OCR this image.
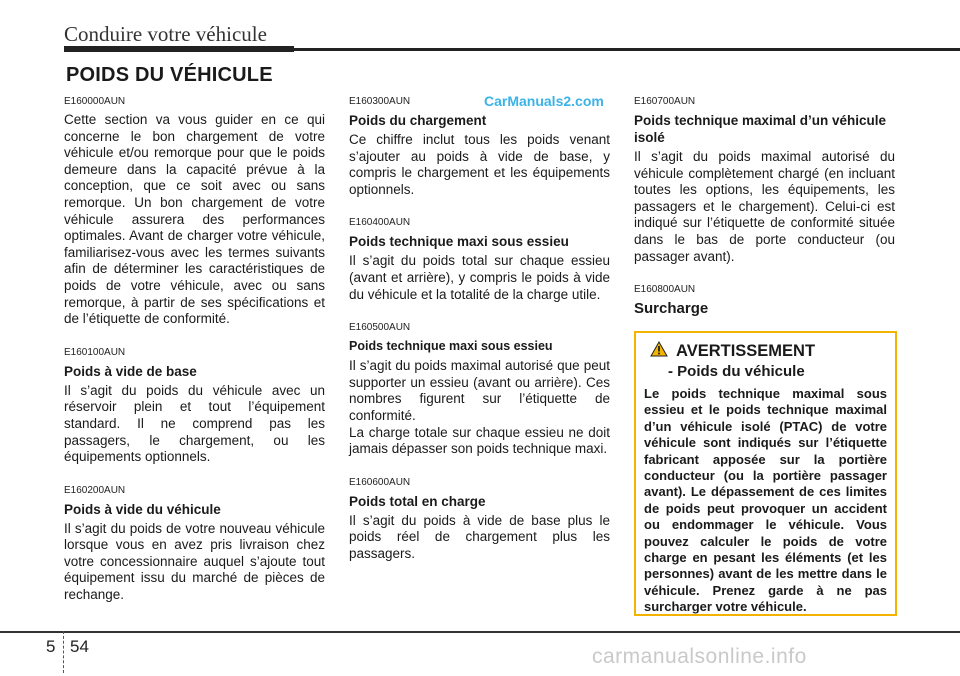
Conduire votre véhicule
POIDS DU VÉHICULE
CarManuals2.com

E160000AUN

Cette section va vous guider en ce qui concerne le bon chargement de votre véhicule et/ou remorque pour que le poids demeure dans la capacité prévue à la conception, que ce soit avec ou sans remorque. Un bon chargement de votre véhicule assurera des performances optimales. Avant de charger votre véhicule, familiarisez-vous avec les termes suivants afin de déterminer les caractéristiques de poids de votre véhicule, avec ou sans remorque, à partir de ses spécifications et de l’étiquette de conformité.

E160100AUN

Poids à vide de base

Il s’agit du poids du véhicule avec un réservoir plein et tout l’équipement standard. Il ne comprend pas les passagers, le chargement, ou les équipements optionnels.

E160200AUN

Poids à vide du véhicule

Il s’agit du poids de votre nouveau véhicule lorsque vous en avez pris livraison chez votre concessionnaire auquel s’ajoute tout équipement issu du marché de pièces de rechange.

E160300AUN

Poids du chargement

Ce chiffre inclut tous les poids venant s’ajouter au poids à vide de base, y compris le chargement et les équipements optionnels.

E160400AUN

Poids technique maxi sous essieu

Il s’agit du poids total sur chaque essieu (avant et arrière), y compris le poids à vide du véhicule et la totalité de la charge utile.

E160500AUN

Poids technique maxi sous essieu

Il s’agit du poids maximal autorisé que peut supporter un essieu (avant ou arrière). Ces nombres figurent sur l’étiquette de conformité.

La charge totale sur chaque essieu ne doit jamais dépasser son poids technique maxi.

E160600AUN

Poids total en charge

Il s’agit du poids à vide de base plus le poids réel de chargement plus les passagers.

E160700AUN

Poids technique maximal d’un véhicule isolé

Il s’agit du poids maximal autorisé du véhicule complètement chargé (en incluant toutes les options, les équipements, les passagers et le chargement). Celui-ci est indiqué sur l’étiquette de conformité située dans le bas de porte conducteur (ou passager avant).

E160800AUN

Surcharge

AVERTISSEMENT
- Poids du véhicule

Le poids technique maximal sous essieu et le poids technique maximal d’un véhicule isolé (PTAC) de votre véhicule sont indiqués sur l’étiquette fabricant apposée sur la portière conducteur (ou la portière passager avant). Le dépassement de ces limites de poids peut provoquer un accident ou endommager le véhicule. Vous pouvez calculer le poids de votre charge en pesant les éléments (et les personnes) avant de les mettre dans le véhicule. Prenez garde à ne pas surcharger votre véhicule.

5 54	carmanualsonline.info
